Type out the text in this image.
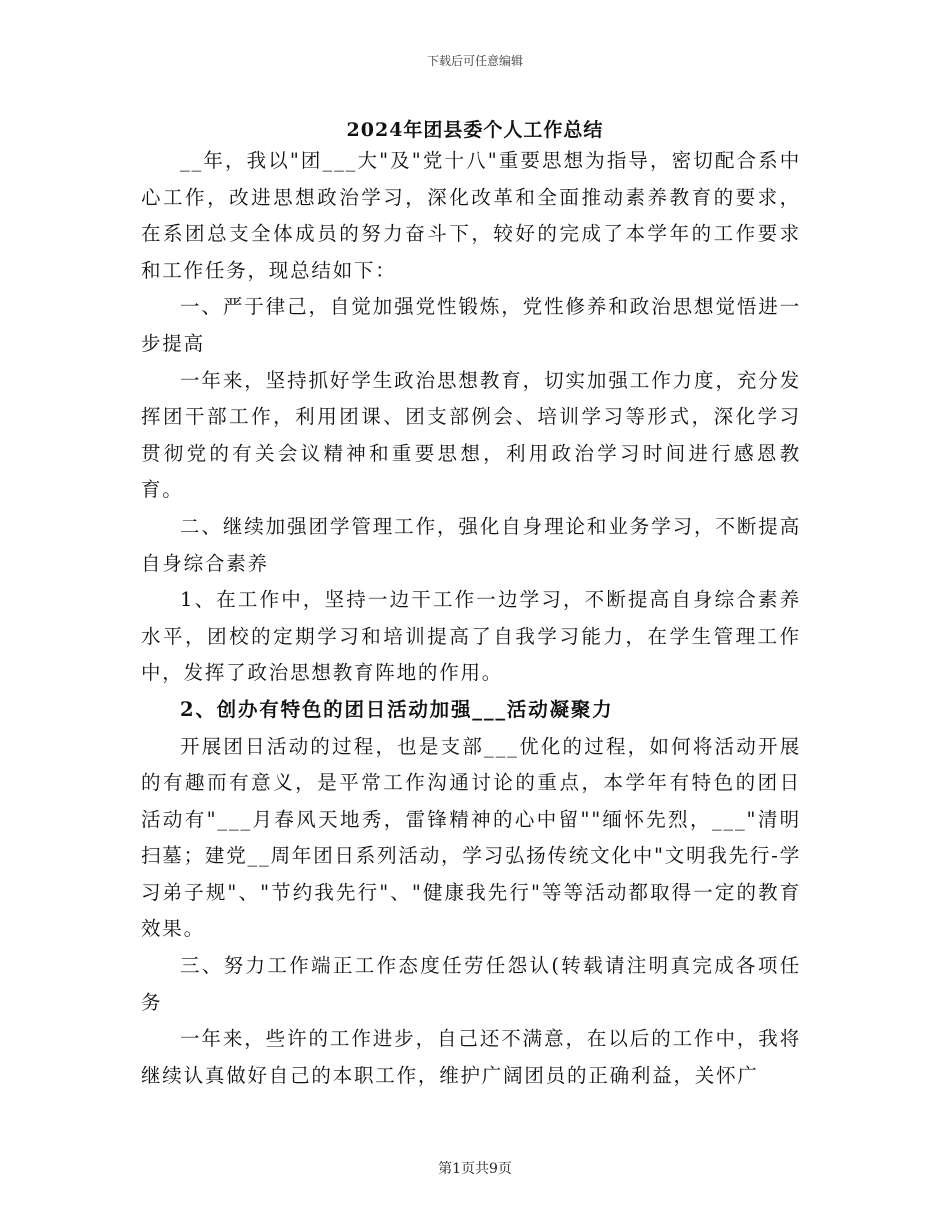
下载后可任意编辑
2024年团县委个人工作总结

__年，我以"团___大"及"党十八"重要思想为指导，密切配合系中心工作，改进思想政治学习，深化改革和全面推动素养教育的要求，在系团总支全体成员的努力奋斗下，较好的完成了本学年的工作要求和工作任务，现总结如下：

一、严于律己，自觉加强党性锻炼，党性修养和政治思想觉悟进一步提高

一年来，坚持抓好学生政治思想教育，切实加强工作力度，充分发挥团干部工作，利用团课、团支部例会、培训学习等形式，深化学习贯彻党的有关会议精神和重要思想，利用政治学习时间进行感恩教育。

二、继续加强团学管理工作，强化自身理论和业务学习，不断提高自身综合素养

1、在工作中，坚持一边干工作一边学习，不断提高自身综合素养水平，团校的定期学习和培训提高了自我学习能力，在学生管理工作中，发挥了政治思想教育阵地的作用。

2、创办有特色的团日活动加强___活动凝聚力

开展团日活动的过程，也是支部___优化的过程，如何将活动开展的有趣而有意义，是平常工作沟通讨论的重点，本学年有特色的团日活动有"___月春风天地秀，雷锋精神的心中留""缅怀先烈，___"清明扫墓；建党__周年团日系列活动，学习弘扬传统文化中"文明我先行-学习弟子规"、"节约我先行"、"健康我先行"等等活动都取得一定的教育效果。

三、努力工作端正工作态度任劳任怨认(转载请注明真完成各项任务

一年来，些许的工作进步，自己还不满意，在以后的工作中，我将继续认真做好自己的本职工作，维护广阔团员的正确利益，关怀广

第1页共9页
